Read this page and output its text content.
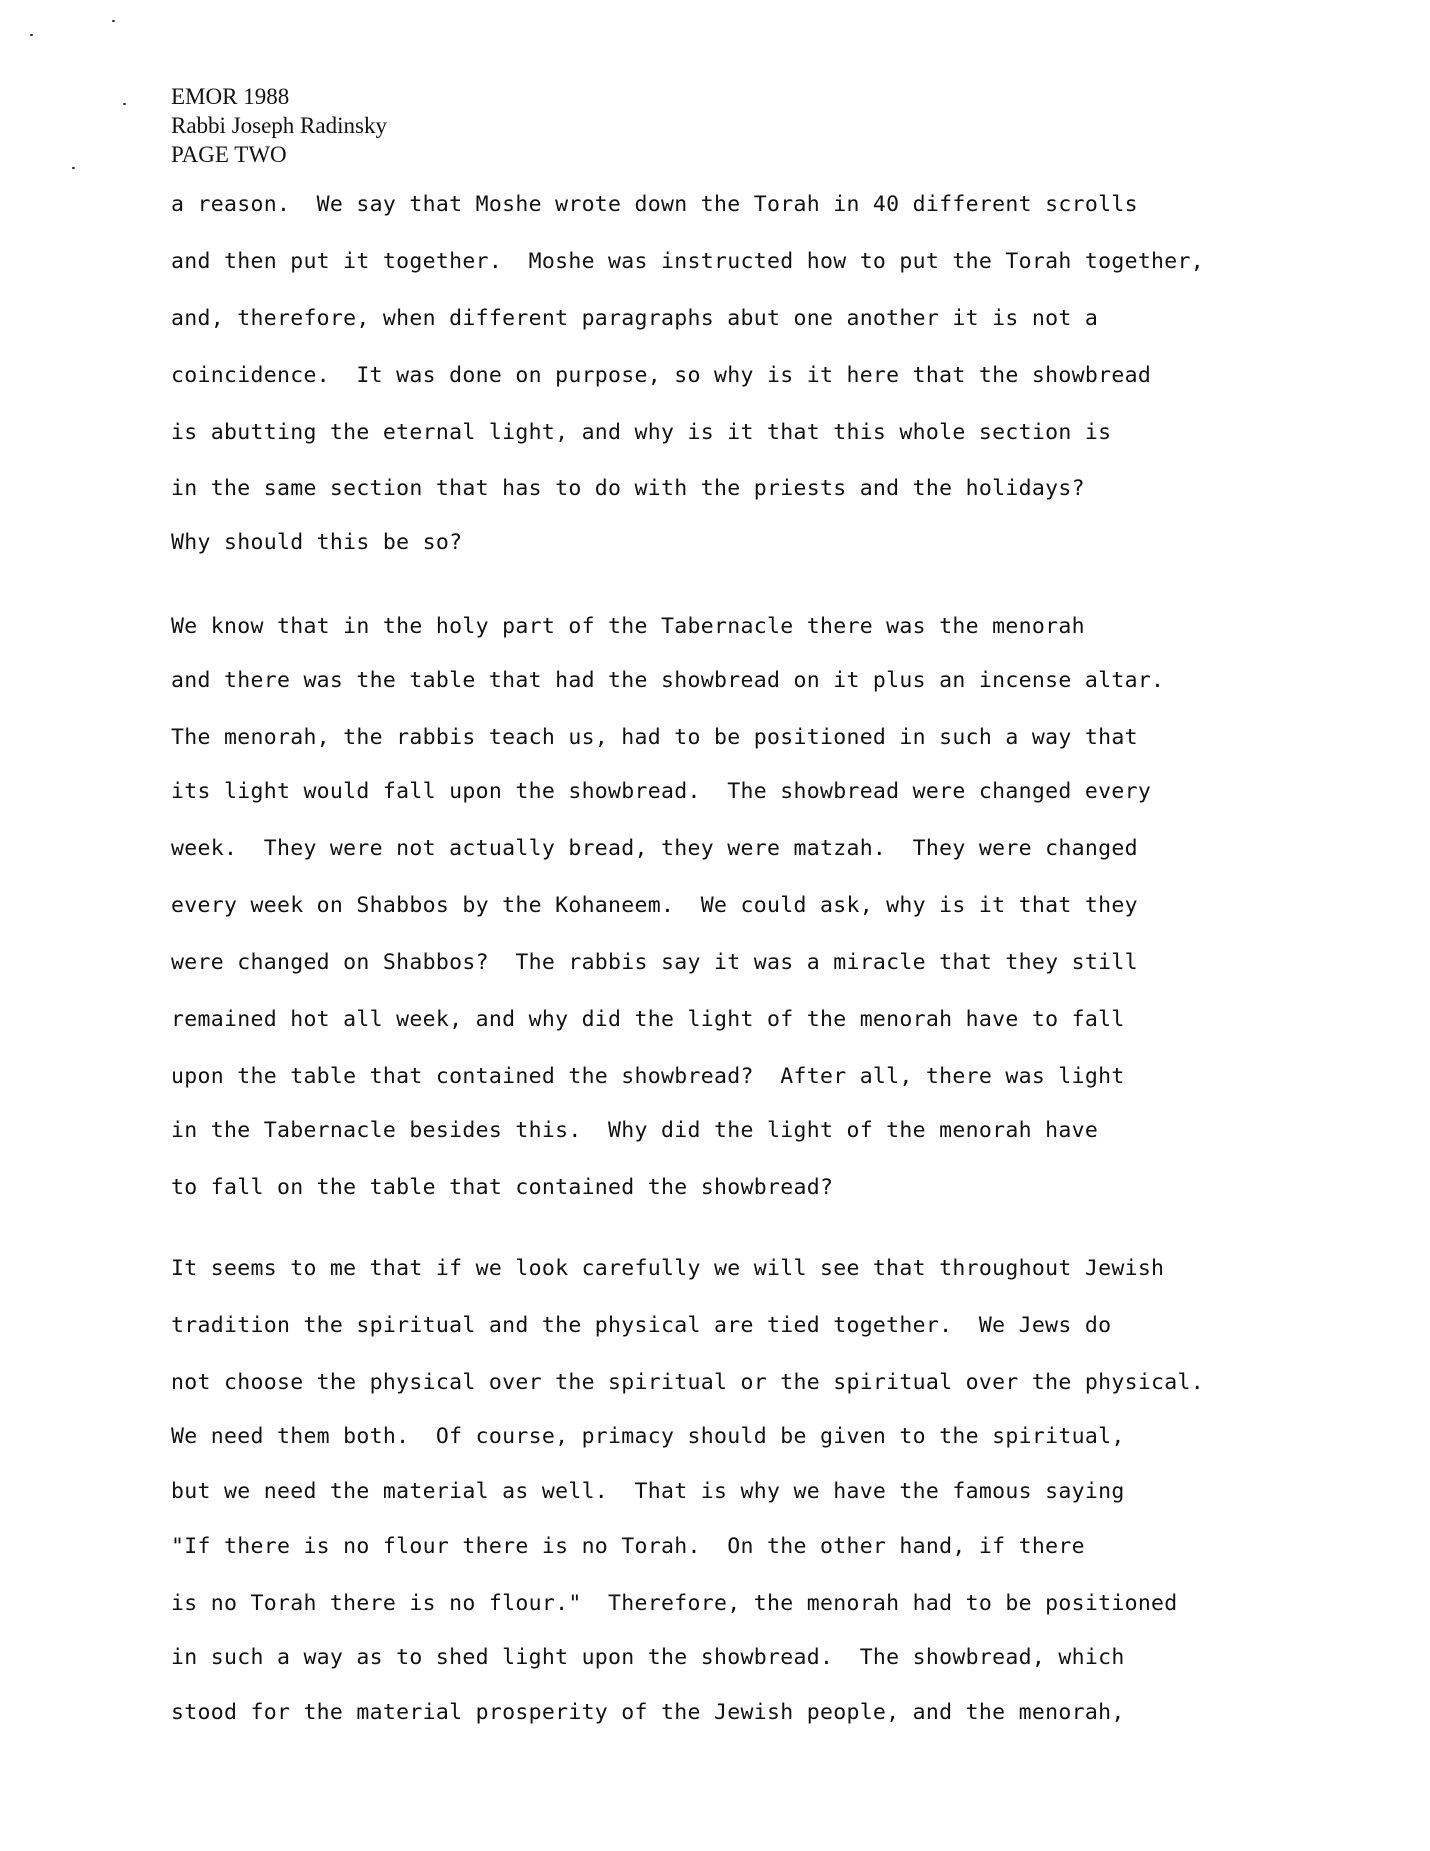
EMOR 1988
Rabbi Joseph Radinsky
PAGE TWO
a reason.  We say that Moshe wrote down the Torah in 40 different scrolls
and then put it together.  Moshe was instructed how to put the Torah together,
and, therefore, when different paragraphs abut one another it is not a
coincidence.  It was done on purpose, so why is it here that the showbread
is abutting the eternal light, and why is it that this whole section is
in the same section that has to do with the priests and the holidays?
Why should this be so?
We know that in the holy part of the Tabernacle there was the menorah
and there was the table that had the showbread on it plus an incense altar.
The menorah, the rabbis teach us, had to be positioned in such a way that
its light would fall upon the showbread.  The showbread were changed every
week.  They were not actually bread, they were matzah.  They were changed
every week on Shabbos by the Kohaneem.  We could ask, why is it that they
were changed on Shabbos?  The rabbis say it was a miracle that they still
remained hot all week, and why did the light of the menorah have to fall
upon the table that contained the showbread?  After all, there was light
in the Tabernacle besides this.  Why did the light of the menorah have
to fall on the table that contained the showbread?
It seems to me that if we look carefully we will see that throughout Jewish
tradition the spiritual and the physical are tied together.  We Jews do
not choose the physical over the spiritual or the spiritual over the physical.
We need them both.  Of course, primacy should be given to the spiritual,
but we need the material as well.  That is why we have the famous saying
"If there is no flour there is no Torah.  On the other hand, if there
is no Torah there is no flour."  Therefore, the menorah had to be positioned
in such a way as to shed light upon the showbread.  The showbread, which
stood for the material prosperity of the Jewish people, and the menorah,
